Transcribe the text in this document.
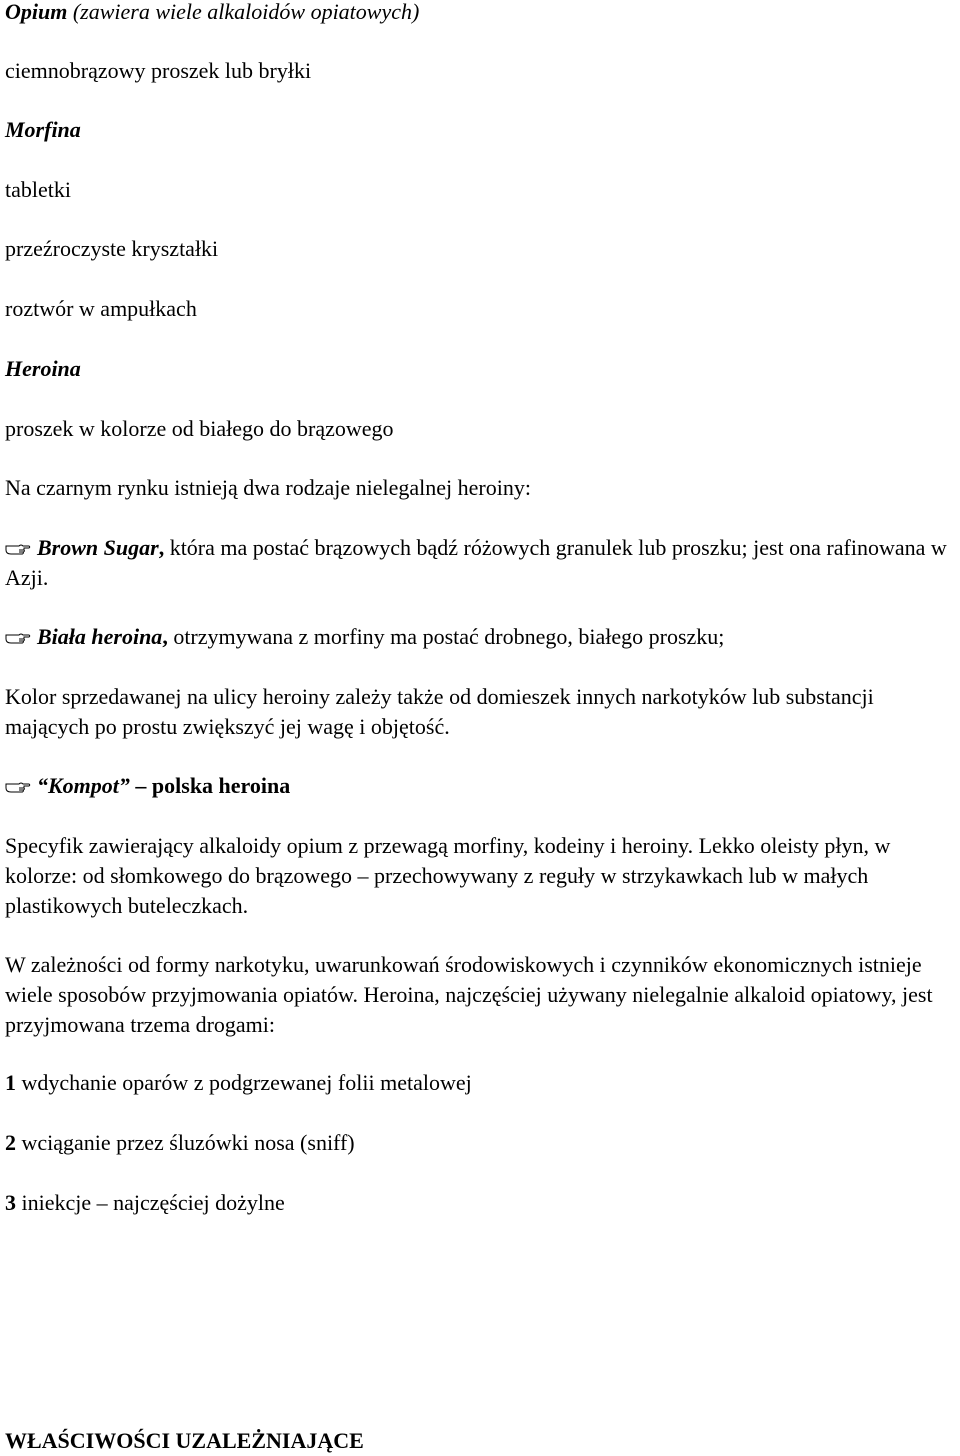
Opium (zawiera wiele alkaloidów opiatowych)
ciemnobrązowy proszek lub bryłki
Morfina
tabletki
przeźroczyste kryształki
roztwór w ampułkach
Heroina
proszek w kolorze od białego do brązowego
Na czarnym rynku istnieją dwa rodzaje nielegalnej heroiny:
Brown Sugar, która ma postać brązowych bądź różowych granulek lub proszku; jest ona rafinowana w Azji.
Biała heroina, otrzymywana z morfiny ma postać drobnego, białego proszku;
Kolor sprzedawanej na ulicy heroiny zależy także od domieszek innych narkotyków lub substancji mających po prostu zwiększyć jej wagę i objętość.
“Kompot” – polska heroina
Specyfik zawierający alkaloidy opium z przewagą morfiny, kodeiny i heroiny. Lekko oleisty płyn, w kolorze: od słomkowego do brązowego – przechowywany z reguły w strzykawkach lub w małych plastikowych buteleczkach.
W zależności od formy narkotyku, uwarunkowań środowiskowych i czynników ekonomicznych istnieje wiele sposobów przyjmowania opiatów. Heroina, najczęściej używany nielegalnie alkaloid opiatowy, jest przyjmowana trzema drogami:
1 wdychanie oparów z podgrzewanej folii metalowej
2 wciąganie przez śluzówki nosa (sniff)
3 iniekcje – najczęściej dożylne
WŁAŚCIWOŚCI UZALEŻNIAJĄCE
